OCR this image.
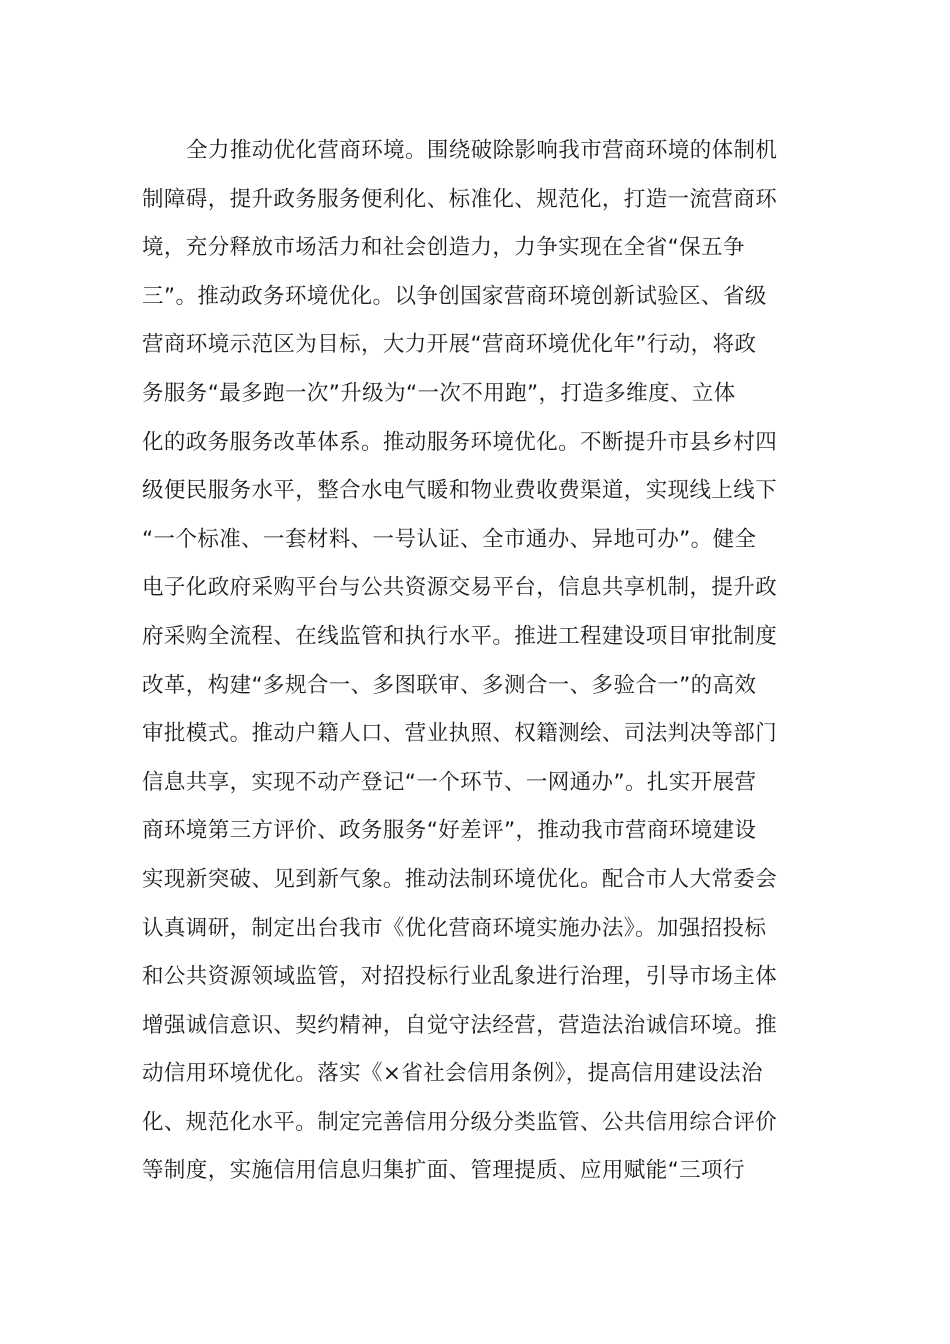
全力推动优化营商环境。围绕破除影响我市营商环境的体制机
制障碍，提升政务服务便利化、标准化、规范化，打造一流营商环
境，充分释放市场活力和社会创造力，力争实现在全省“保五争
三”。推动政务环境优化。以争创国家营商环境创新试验区、省级
营商环境示范区为目标，大力开展“营商环境优化年”行动，将政
务服务“最多跑一次”升级为“一次不用跑”，打造多维度、立体
化的政务服务改革体系。推动服务环境优化。不断提升市县乡村四
级便民服务水平，整合水电气暖和物业费收费渠道，实现线上线下
“一个标准、一套材料、一号认证、全市通办、异地可办”。健全
电子化政府采购平台与公共资源交易平台，信息共享机制，提升政
府采购全流程、在线监管和执行水平。推进工程建设项目审批制度
改革，构建“多规合一、多图联审、多测合一、多验合一”的高效
审批模式。推动户籍人口、营业执照、权籍测绘、司法判决等部门
信息共享，实现不动产登记“一个环节、一网通办”。扎实开展营
商环境第三方评价、政务服务“好差评”，推动我市营商环境建设
实现新突破、见到新气象。推动法制环境优化。配合市人大常委会
认真调研，制定出台我市《优化营商环境实施办法》。加强招投标
和公共资源领域监管，对招投标行业乱象进行治理，引导市场主体
增强诚信意识、契约精神，自觉守法经营，营造法治诚信环境。推
动信用环境优化。落实《×省社会信用条例》，提高信用建设法治
化、规范化水平。制定完善信用分级分类监管、公共信用综合评价
等制度，实施信用信息归集扩面、管理提质、应用赋能“三项行
